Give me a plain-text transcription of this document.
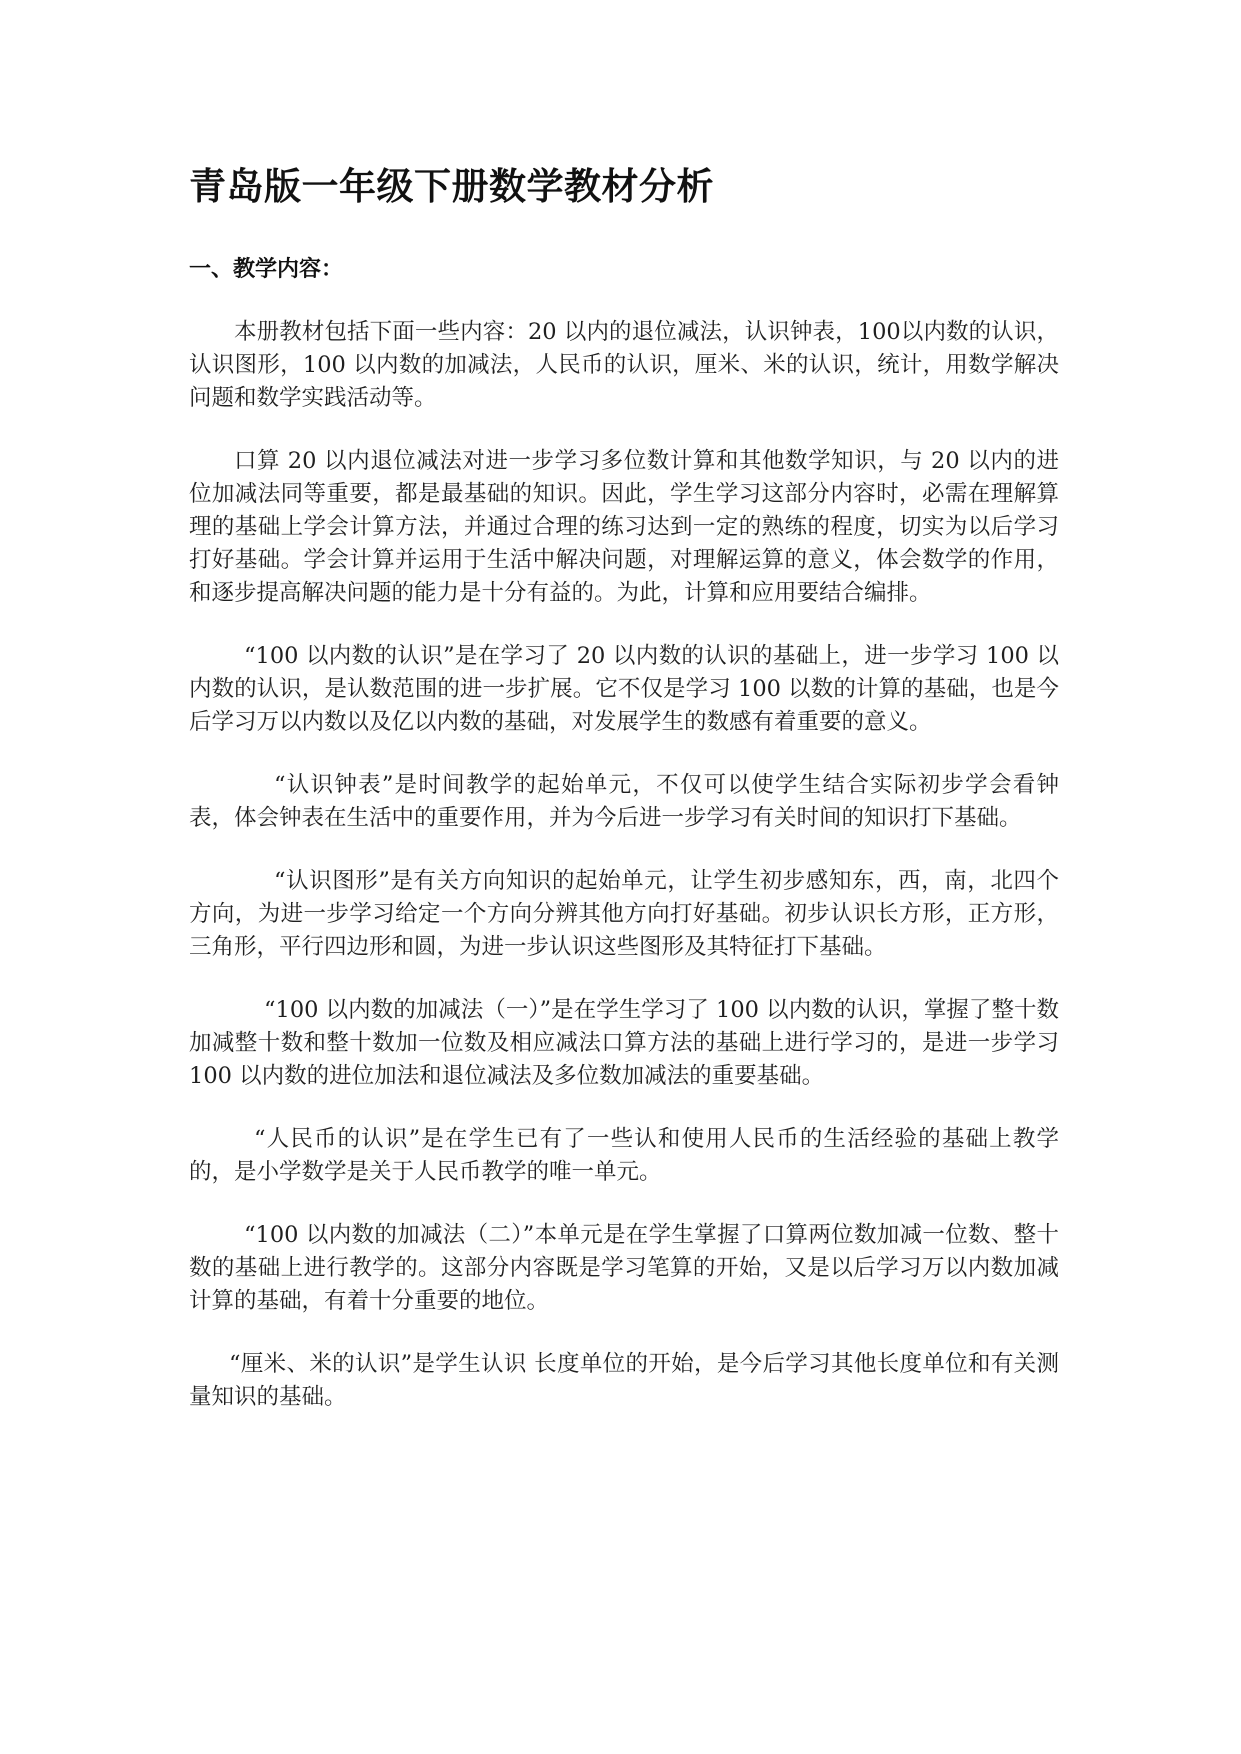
青岛版一年级下册数学教材分析
一、教学内容：

本册教材包括下面一些内容：20 以内的退位减法，认识钟表，100以内数的认识，认识图形，100 以内数的加减法，人民币的认识，厘米、米的认识，统计，用数学解决问题和数学实践活动等。

口算 20 以内退位减法对进一步学习多位数计算和其他数学知识，与 20 以内的进位加减法同等重要，都是最基础的知识。因此，学生学习这部分内容时，必需在理解算理的基础上学会计算方法，并通过合理的练习达到一定的熟练的程度，切实为以后学习打好基础。学会计算并运用于生活中解决问题，对理解运算的意义，体会数学的作用，和逐步提高解决问题的能力是十分有益的。为此，计算和应用要结合编排。

“100 以内数的认识”是在学习了 20 以内数的认识的基础上，进一步学习 100 以内数的认识，是认数范围的进一步扩展。它不仅是学习 100 以数的计算的基础，也是今后学习万以内数以及亿以内数的基础，对发展学生的数感有着重要的意义。

“认识钟表”是时间教学的起始单元，不仅可以使学生结合实际初步学会看钟表，体会钟表在生活中的重要作用，并为今后进一步学习有关时间的知识打下基础。

“认识图形”是有关方向知识的起始单元，让学生初步感知东，西，南，北四个方向，为进一步学习给定一个方向分辨其他方向打好基础。初步认识长方形，正方形，三角形，平行四边形和圆，为进一步认识这些图形及其特征打下基础。

“100 以内数的加减法（一）”是在学生学习了 100 以内数的认识，掌握了整十数加减整十数和整十数加一位数及相应减法口算方法的基础上进行学习的，是进一步学习 100 以内数的进位加法和退位减法及多位数加减法的重要基础。

“人民币的认识”是在学生已有了一些认和使用人民币的生活经验的基础上教学的，是小学数学是关于人民币教学的唯一单元。

“100 以内数的加减法（二）”本单元是在学生掌握了口算两位数加减一位数、整十数的基础上进行教学的。这部分内容既是学习笔算的开始，又是以后学习万以内数加减计算的基础，有着十分重要的地位。

“厘米、米的认识”是学生认识 长度单位的开始，是今后学习其他长度单位和有关测量知识的基础。
